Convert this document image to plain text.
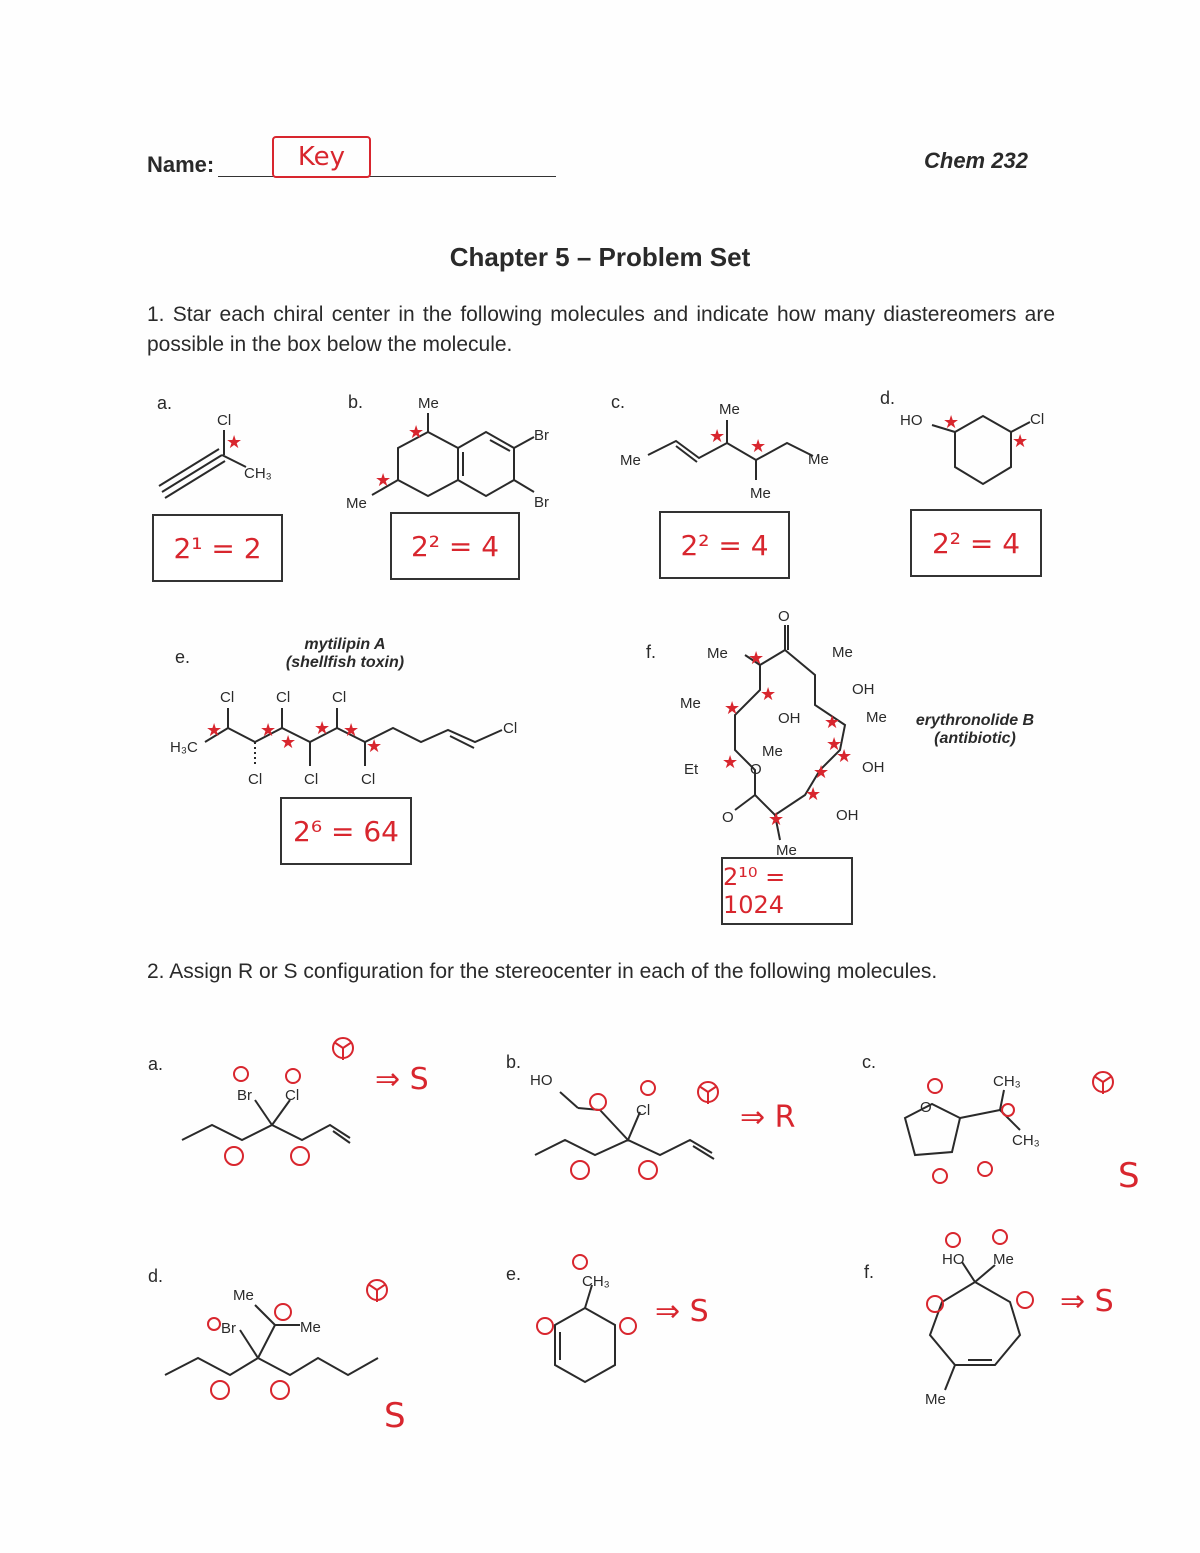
Name:	Key	Chem 232
Chapter 5 – Problem Set
1. Star each chiral center in the following molecules and indicate how many diastereomers are possible in the box below the molecule.
a.	b.	c.	d.
e.	f.
2¹ = 2	2² = 4	2² = 4	2² = 4
2⁶ = 64
2¹⁰ = 1024
mytilipin A
(shellfish toxin)
erythronolide B
(antibiotic)
2. Assign R or S configuration for the stereocenter in each of the following molecules.
a.	b.	c.
d.	e.	f.
⇒ S
⇒ R
S
S
⇒ S	⇒ S
Cl
CH₃
Me
Me
Br
Br
Me
Me	Me
Me
HO	Cl
H₃C
Cl
Cl	Cl	Cl
Cl	Cl	Cl
Me	Me
OH
OH	Me
Me
Me
OH
Et	O
O
O	OH
Me
Br Cl
HO
Cl	O
CH₃
CH₃
Me
Br	Me
CH₃
HO Me
Me
★	★
★
★ ★
★
★
★ ★
★
★ ★
★
★
★
★
★
★
★
★
★
★	★
